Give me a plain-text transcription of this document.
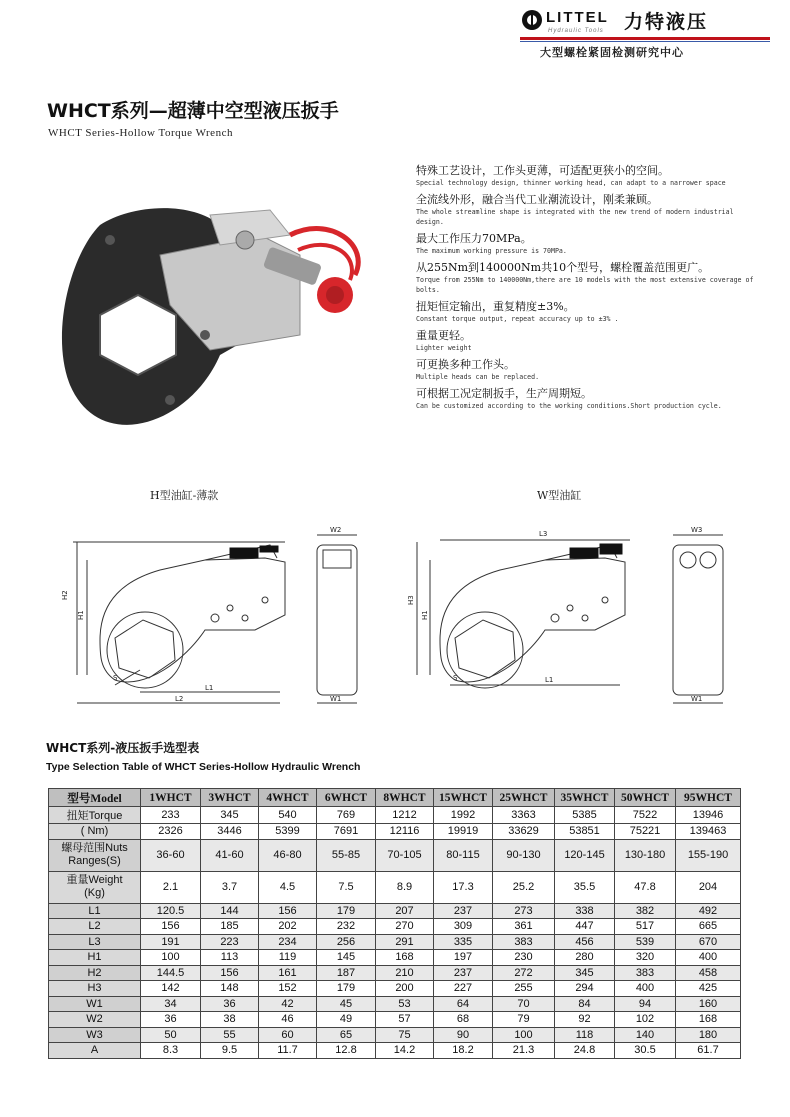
LITTEL 力特液压
Hydraulic Tools
大型螺栓紧固检测研究中心
WHCT系列—超薄中空型液压扳手
WHCT Series-Hollow Torque Wrench
特殊工艺设计，工作头更薄，可适配更狭小的空间。
Special technology design, thinner working head, can adapt to a narrower space
全流线外形，融合当代工业潮流设计，刚柔兼顾。
The whole streamline shape is integrated with the new trend of modern industrial design.
最大工作压力70MPa。
The maximum working pressure is 70MPa.
从255Nm到140000Nm共10个型号，螺栓覆盖范围更广。
Torque from 255Nm to 140000Nm,there are 10 models with the most extensive coverage of bolts.
扭矩恒定输出，重复精度±3%。
Constant torque output, repeat accuracy up to ±3% .
重量更轻。
Lighter weight
可更换多种工作头。
Multiple heads can be replaced.
可根据工况定制扳手，生产周期短。
Can be customized according to the working conditions.Short production cycle.
H型油缸-薄款	W型油缸
H2
H1
L1
L2
W2
W1
S
L3
H3
H1
L1
W3
W1
S
WHCT系列-液压扳手选型表
Type Selection Table of WHCT Series-Hollow Hydraulic Wrench
型号Model	1WHCT	3WHCT	4WHCT	6WHCT	8WHCT	15WHCT	25WHCT	35WHCT	50WHCT	95WHCT
扭矩Torque	233	345	540	769	1212	1992	3363	5385	7522	13946
( Nm)	2326	3446	5399	7691	12116	19919	33629	53851	75221	139463

螺母范围Nuts
Ranges(S)	36-60	41-60	46-80	55-85	70-105	80-115	90-130	120-145	130-180	155-190

重量Weight
(Kg)	2.1	3.7	4.5	7.5	8.9	17.3	25.2	35.5	47.8	204
L1	120.5	144	156	179	207	237	273	338	382	492
L2	156	185	202	232	270	309	361	447	517	665
L3	191	223	234	256	291	335	383	456	539	670
H1	100	113	119	145	168	197	230	280	320	400
H2	144.5	156	161	187	210	237	272	345	383	458
H3	142	148	152	179	200	227	255	294	400	425
W1	34	36	42	45	53	64	70	84	94	160
W2	36	38	46	49	57	68	79	92	102	168
W3	50	55	60	65	75	90	100	118	140	180
A	8.3	9.5	11.7	12.8	14.2	18.2	21.3	24.8	30.5	61.7
